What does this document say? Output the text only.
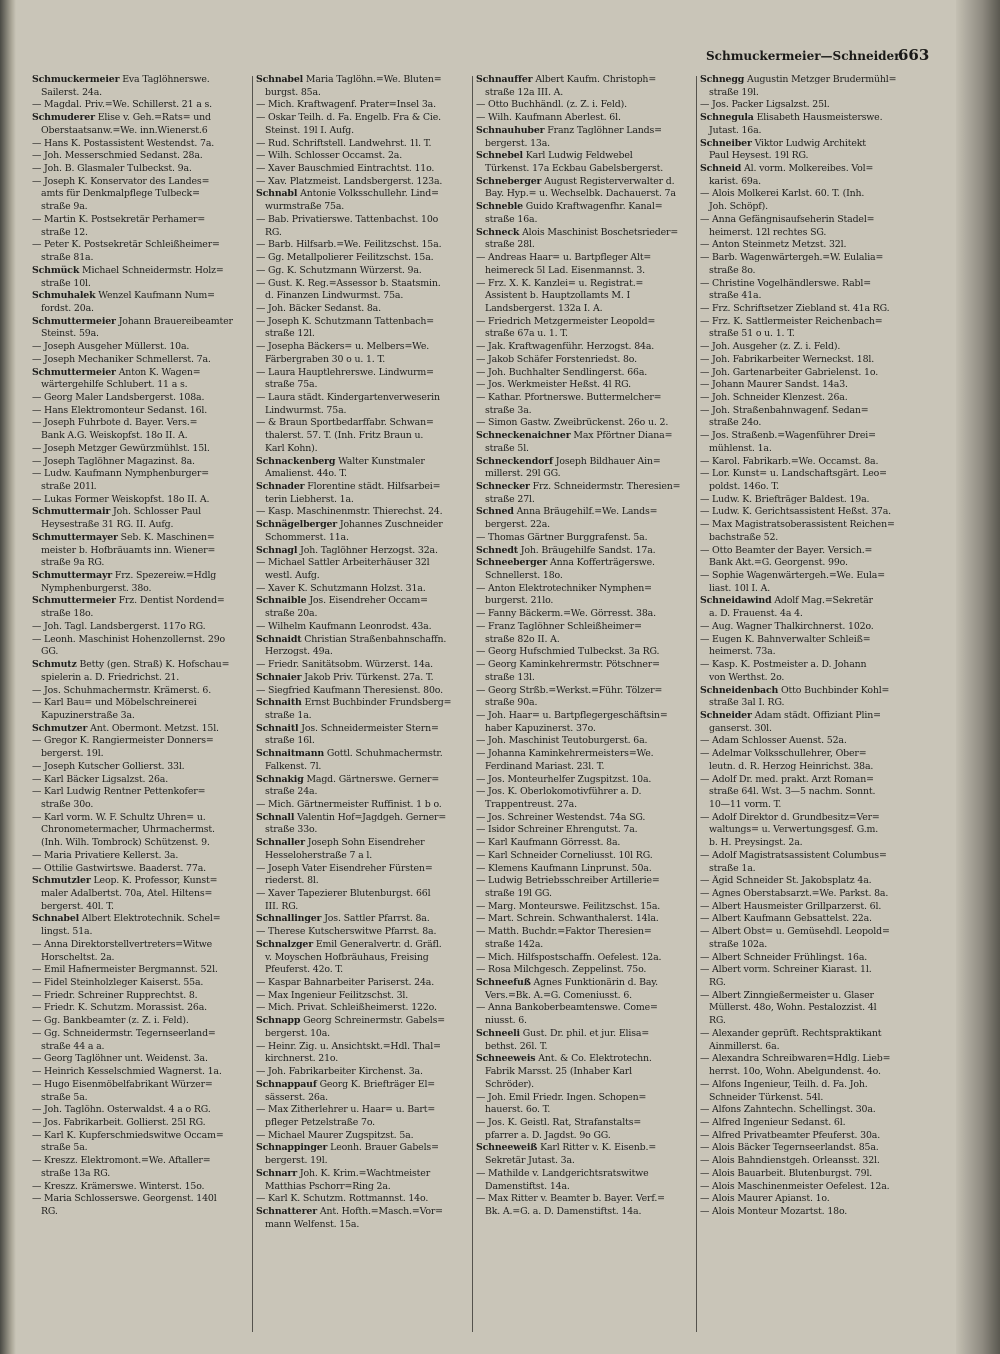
Schmuckermeier—Schneider.
663
Schmuckermeier Eva Taglöhnerswe.
Sailerst. 24a.
— Magdal. Priv.=We. Schillerst. 21 a s.
Schmuderer Elise v. Geh.=Rats= und
Oberstaatsanw.=We. inn.Wienerst.6
— Hans K. Postassistent Westendst. 7a.
— Joh. Messerschmied Sedanst. 28a.
— Joh. B. Glasmaler Tulbeckst. 9a.
— Joseph K. Konservator des Landes=
amts für Denkmalpflege Tulbeck=
straße 9a.
— Martin K. Postsekretär Perhamer=
straße 12.
— Peter K. Postsekretär Schleißheimer=
straße 81a.
Schmück Michael Schneidermstr. Holz=
straße 10l.
Schmuhalek Wenzel Kaufmann Num=
fordst. 20a.
Schmuttermeier Johann Brauereibeamter
Steinst. 59a.
— Joseph Ausgeher Müllerst. 10a.
— Joseph Mechaniker Schmellerst. 7a.
Schmuttermeier Anton K. Wagen=
wärtergehilfe Schlubert. 11 a s.
— Georg Maler Landsbergerst. 108a.
— Hans Elektromonteur Sedanst. 16l.
— Joseph Fuhrbote d. Bayer. Vers.=
Bank A.G. Weiskopfst. 18o II. A.
— Joseph Metzger Gewürzmühlst. 15l.
— Joseph Taglöhner Magazinst. 8a.
— Ludw. Kaufmann Nymphenburger=
straße 201l.
— Lukas Former Weiskopfst. 18o II. A.
Schmuttermair Joh. Schlosser Paul
Heysestraße 31 RG. II. Aufg.
Schmuttermayer Seb. K. Maschinen=
meister b. Hofbräuamts inn. Wiener=
straße 9a RG.
Schmuttermayr Frz. Spezereiw.=Hdlg
Nymphenburgerst. 38o.
Schmuttermeier Frz. Dentist Nordend=
straße 18o.
— Joh. Tagl. Landsbergerst. 117o RG.
— Leonh. Maschinist Hohenzollernst. 29o
GG.
Schmutz Betty (gen. Straß) K. Hofschau=
spielerin a. D. Friedrichst. 21.
— Jos. Schuhmachermstr. Krämerst. 6.
— Karl Bau= und Möbelschreinerei
Kapuzinerstraße 3a.
Schmutzer Ant. Obermont. Metzst. 15l.
— Gregor K. Rangiermeister Donners=
bergerst. 19l.
— Joseph Kutscher Gollierst. 33l.
— Karl Bäcker Ligsalzst. 26a.
— Karl Ludwig Rentner Pettenkofer=
straße 30o.
— Karl vorm. W. F. Schultz Uhren= u.
Chronometermacher, Uhrmachermst.
(Inh. Wilh. Tombrock) Schützenst. 9.
— Maria Privatiere Kellerst. 3a.
— Ottilie Gastwirtswe. Baaderst. 77a.
Schmutzler Leop. K. Professor, Kunst=
maler Adalbertst. 70a, Atel. Hiltens=
bergerst. 40l. T.
Schnabel Albert Elektrotechnik. Schel=
lingst. 51a.
— Anna Direktorstellvertreters=Witwe
Horscheltst. 2a.
— Emil Hafnermeister Bergmannst. 52l.
— Fidel Steinholzleger Kaiserst. 55a.
— Friedr. Schreiner Rupprechtst. 8.
— Friedr. K. Schutzm. Morassist. 26a.
— Gg. Bankbeamter (z. Z. i. Feld).
— Gg. Schneidermstr. Tegernseerland=
straße 44 a a.
— Georg Taglöhner unt. Weidenst. 3a.
— Heinrich Kesselschmied Wagnerst. 1a.
— Hugo Eisenmöbelfabrikant Würzer=
straße 5a.
— Joh. Taglöhn. Osterwaldst. 4 a o RG.
— Jos. Fabrikarbeit. Gollierst. 25l RG.
— Karl K. Kupferschmiedswitwe Occam=
straße 5a.
— Kreszz. Elektromont.=We. Aftaller=
straße 13a RG.
— Kreszz. Krämerswe. Winterst. 15o.
— Maria Schlosserswe. Georgenst. 140l
RG.
Schnabel Maria Taglöhn.=We. Bluten=
burgst. 85a.
— Mich. Kraftwagenf. Prater=Insel 3a.
— Oskar Teilh. d. Fa. Engelb. Fra & Cie.
Steinst. 19l I. Aufg.
— Rud. Schriftstell. Landwehrst. 1l. T.
— Wilh. Schlosser Occamst. 2a.
— Xaver Bauschmied Eintrachtst. 11o.
— Xav. Platzmeist. Landsbergerst. 123a.
Schnabl Antonie Volksschullehr. Lind=
wurmstraße 75a.
— Bab. Privatierswe. Tattenbachst. 10o
RG.
— Barb. Hilfsarb.=We. Feilitzschst. 15a.
— Gg. Metallpolierer Feilitzschst. 15a.
— Gg. K. Schutzmann Würzerst. 9a.
— Gust. K. Reg.=Assessor b. Staatsmin.
d. Finanzen Lindwurmst. 75a.
— Joh. Bäcker Sedanst. 8a.
— Joseph K. Schutzmann Tattenbach=
straße 12l.
— Josepha Bäckers= u. Melbers=We.
Färbergraben 30 o u. 1. T.
— Laura Hauptlehrerswe. Lindwurm=
straße 75a.
— Laura städt. Kindergartenverweserin
Lindwurmst. 75a.
— & Braun Sportbedarffabr. Schwan=
thalerst. 57. T. (Inh. Fritz Braun u.
Karl Kohn).
Schnackenberg Walter Kunstmaler
Amalienst. 44o. T.
Schnader Florentine städt. Hilfsarbei=
terin Liebherst. 1a.
— Kasp. Maschinenmstr. Thierechst. 24.
Schnägelberger Johannes Zuschneider
Schommerst. 11a.
Schnagl Joh. Taglöhner Herzogst. 32a.
— Michael Sattler Arbeiterhäuser 32l
westl. Aufg.
— Xaver K. Schutzmann Holzst. 31a.
Schnaible Jos. Eisendreher Occam=
straße 20a.
— Wilhelm Kaufmann Leonrodst. 43a.
Schnaidt Christian Straßenbahnschaffn.
Herzogst. 49a.
— Friedr. Sanitätsobm. Würzerst. 14a.
Schnaier Jakob Priv. Türkenst. 27a. T.
— Siegfried Kaufmann Theresienst. 80o.
Schnaith Ernst Buchbinder Frundsberg=
straße 1a.
Schnaitl Jos. Schneidermeister Stern=
straße 16l.
Schnaitmann Gottl. Schuhmachermstr.
Falkenst. 7l.
Schnakig Magd. Gärtnerswe. Gerner=
straße 24a.
— Mich. Gärtnermeister Ruffinist. 1 b o.
Schnall Valentin Hof=Jagdgeh. Gerner=
straße 33o.
Schnaller Joseph Sohn Eisendreher
Hesseloherstraße 7 a l.
— Joseph Vater Eisendreher Fürsten=
riederst. 8l.
— Xaver Tapezierer Blutenburgst. 66l
III. RG.
Schnallinger Jos. Sattler Pfarrst. 8a.
— Therese Kutscherswitwe Pfarrst. 8a.
Schnalzger Emil Generalvertr. d. Gräfl.
v. Moyschen Hofbräuhaus, Freising
Pfeuferst. 42o. T.
— Kaspar Bahnarbeiter Pariserst. 24a.
— Max Ingenieur Feilitzschst. 3l.
— Mich. Privat. Schleißheimerst. 122o.
Schnapp Georg Schreinermstr. Gabels=
bergerst. 10a.
— Heinr. Zig. u. Ansichtskt.=Hdl. Thal=
kirchnerst. 21o.
— Joh. Fabrikarbeiter Kirchenst. 3a.
Schnappauf Georg K. Briefträger El=
sässerst. 26a.
— Max Zitherlehrer u. Haar= u. Bart=
pfleger Petzelstraße 7o.
— Michael Maurer Zugspitzst. 5a.
Schnappinger Leonh. Brauer Gabels=
bergerst. 19l.
Schnarr Joh. K. Krim.=Wachtmeister
Matthias Pschorr=Ring 2a.
— Karl K. Schutzm. Rottmannst. 14o.
Schnatterer Ant. Hofth.=Masch.=Vor=
mann Welfenst. 15a.
Schnauffer Albert Kaufm. Christoph=
straße 12a III. A.
— Otto Buchhändl. (z. Z. i. Feld).
— Wilh. Kaufmann Aberlest. 6l.
Schnauhuber Franz Taglöhner Lands=
bergerst. 13a.
Schnebel Karl Ludwig Feldwebel
Türkenst. 17a Eckbau Gabelsbergerst.
Schneberger August Registerverwalter d.
Bay. Hyp.= u. Wechselbk. Dachauerst. 7a
Schneble Guido Kraftwagenfhr. Kanal=
straße 16a.
Schneck Alois Maschinist Boschetsrieder=
straße 28l.
— Andreas Haar= u. Bartpfleger Alt=
heimereck 5l Lad. Eisenmannst. 3.
— Frz. X. K. Kanzlei= u. Registrat.=
Assistent b. Hauptzollamts M. I
Landsbergerst. 132a I. A.
— Friedrich Metzgermeister Leopold=
straße 67a u. 1. T.
— Jak. Kraftwagenführ. Herzogst. 84a.
— Jakob Schäfer Forstenriedst. 8o.
— Joh. Buchhalter Sendlingerst. 66a.
— Jos. Werkmeister Heßst. 4l RG.
— Kathar. Pfortnerswe. Buttermelcher=
straße 3a.
— Simon Gastw. Zweibrückenst. 26o u. 2.
Schneckenaichner Max Pförtner Diana=
straße 5l.
Schneckendorf Joseph Bildhauer Ain=
millerst. 29l GG.
Schnecker Frz. Schneidermstr. Theresien=
straße 27l.
Schned Anna Bräugehilf.=We. Lands=
bergerst. 22a.
— Thomas Gärtner Burggrafenst. 5a.
Schnedt Joh. Bräugehilfe Sandst. 17a.
Schneeberger Anna Kofferträgerswe.
Schnellerst. 18o.
— Anton Elektrotechniker Nymphen=
burgerst. 21lo.
— Fanny Bäckerm.=We. Görresst. 38a.
— Franz Taglöhner Schleißheimer=
straße 82o II. A.
— Georg Hufschmied Tulbeckst. 3a RG.
— Georg Kaminkehrermstr. Pötschner=
straße 13l.
— Georg Strßb.=Werkst.=Führ. Tölzer=
straße 90a.
— Joh. Haar= u. Bartpflegergeschäftsin=
haber Kapuzinerst. 37o.
— Joh. Maschinist Teutoburgerst. 6a.
— Johanna Kaminkehrermeisters=We.
Ferdinand Mariast. 23l. T.
— Jos. Monteurhelfer Zugspitzst. 10a.
— Jos. K. Oberlokomotivführer a. D.
Trappentreust. 27a.
— Jos. Schreiner Westendst. 74a SG.
— Isidor Schreiner Ehrengutst. 7a.
— Karl Kaufmann Görresst. 8a.
— Karl Schneider Corneliusst. 10l RG.
— Klemens Kaufmann Linprunst. 50a.
— Ludwig Betriebsschreiber Artillerie=
straße 19l GG.
— Marg. Monteurswe. Feilitzschst. 15a.
— Mart. Schrein. Schwanthalerst. 14la.
— Matth. Buchdr.=Faktor Theresien=
straße 142a.
— Mich. Hilfspostschaffn. Oefelest. 12a.
— Rosa Milchgesch. Zeppelinst. 75o.
Schneefuß Agnes Funktionärin d. Bay.
Vers.=Bk. A.=G. Comeniusst. 6.
— Anna Bankoberbeamtenswe. Come=
niusst. 6.
Schneeli Gust. Dr. phil. et jur. Elisa=
bethst. 26l. T.
Schneeweis Ant. & Co. Elektrotechn.
Fabrik Marsst. 25 (Inhaber Karl
Schröder).
— Joh. Emil Friedr. Ingen. Schopen=
hauerst. 6o. T.
— Jos. K. Geistl. Rat, Strafanstalts=
pfarrer a. D. Jagdst. 9o GG.
Schneeweiß Karl Ritter v. K. Eisenb.=
Sekretär Jutast. 3a.
— Mathilde v. Landgerichtsratswitwe
Damenstiftst. 14a.
— Max Ritter v. Beamter b. Bayer. Verf.=
Bk. A.=G. a. D. Damenstiftst. 14a.
Schnegg Augustin Metzger Brudermühl=
straße 19l.
— Jos. Packer Ligsalzst. 25l.
Schnegula Elisabeth Hausmeisterswe.
Jutast. 16a.
Schneiber Viktor Ludwig Architekt
Paul Heysest. 19l RG.
Schneid Al. vorm. Molkereibes. Vol=
karist. 69a.
— Alois Molkerei Karlst. 60. T. (Inh.
Joh. Schöpf).
— Anna Gefängnisaufseherin Stadel=
heimerst. 12l rechtes SG.
— Anton Steinmetz Metzst. 32l.
— Barb. Wagenwärtergeh.=W. Eulalia=
straße 8o.
— Christine Vogelhändlerswe. Rabl=
straße 41a.
— Frz. Schriftsetzer Ziebland st. 41a RG.
— Frz. K. Sattlermeister Reichenbach=
straße 51 o u. 1. T.
— Joh. Ausgeher (z. Z. i. Feld).
— Joh. Fabrikarbeiter Werneckst. 18l.
— Joh. Gartenarbeiter Gabrielenst. 1o.
— Johann Maurer Sandst. 14a3.
— Joh. Schneider Klenzest. 26a.
— Joh. Straßenbahnwagenf. Sedan=
straße 24o.
— Jos. Straßenb.=Wagenführer Drei=
mühlenst. 1a.
— Karol. Fabrikarb.=We. Occamst. 8a.
— Lor. Kunst= u. Landschaftsgärt. Leo=
poldst. 146o. T.
— Ludw. K. Briefträger Baldest. 19a.
— Ludw. K. Gerichtsassistent Heßst. 37a.
— Max Magistratsoberassistent Reichen=
bachstraße 52.
— Otto Beamter der Bayer. Versich.=
Bank Akt.=G. Georgenst. 99o.
— Sophie Wagenwärtergeh.=We. Eula=
liast. 10l I. A.
Schneidawind Adolf Mag.=Sekretär
a. D. Frauenst. 4a 4.
— Aug. Wagner Thalkirchnerst. 102o.
— Eugen K. Bahnverwalter Schleiß=
heimerst. 73a.
— Kasp. K. Postmeister a. D. Johann
von Werthst. 2o.
Schneidenbach Otto Buchbinder Kohl=
straße 3al I. RG.
Schneider Adam städt. Offiziant Plin=
ganserst. 30l.
— Adam Schlosser Auenst. 52a.
— Adelmar Volksschullehrer, Ober=
leutn. d. R. Herzog Heinrichst. 38a.
— Adolf Dr. med. prakt. Arzt Roman=
straße 64l. Wst. 3—5 nachm. Sonnt.
10—11 vorm. T.
— Adolf Direktor d. Grundbesitz=Ver=
waltungs= u. Verwertungsgesf. G.m.
b. H. Preysingst. 2a.
— Adolf Magistratsassistent Columbus=
straße 1a.
— Ägid Schneider St. Jakobsplatz 4a.
— Agnes Oberstabsarzt.=We. Parkst. 8a.
— Albert Hausmeister Grillparzerst. 6l.
— Albert Kaufmann Gebsattelst. 22a.
— Albert Obst= u. Gemüsehdl. Leopold=
straße 102a.
— Albert Schneider Frühlingst. 16a.
— Albert vorm. Schreiner Kiarast. 1l.
RG.
— Albert Zinngießermeister u. Glaser
Müllerst. 48o, Wohn. Pestalozzist. 4l
RG.
— Alexander geprüft. Rechtspraktikant
Ainmillerst. 6a.
— Alexandra Schreibwaren=Hdlg. Lieb=
herrst. 10o, Wohn. Abelgundenst. 4o.
— Alfons Ingenieur, Teilh. d. Fa. Joh.
Schneider Türkenst. 54l.
— Alfons Zahntechn. Schellingst. 30a.
— Alfred Ingenieur Sedanst. 6l.
— Alfred Privatbeamter Pfeuferst. 30a.
— Alois Bäcker Tegernseerlandst. 85a.
— Alois Bahndienstgeh. Orleansst. 32l.
— Alois Bauarbeit. Blutenburgst. 79l.
— Alois Maschinenmeister Oefelest. 12a.
— Alois Maurer Apianst. 1o.
— Alois Monteur Mozartst. 18o.
